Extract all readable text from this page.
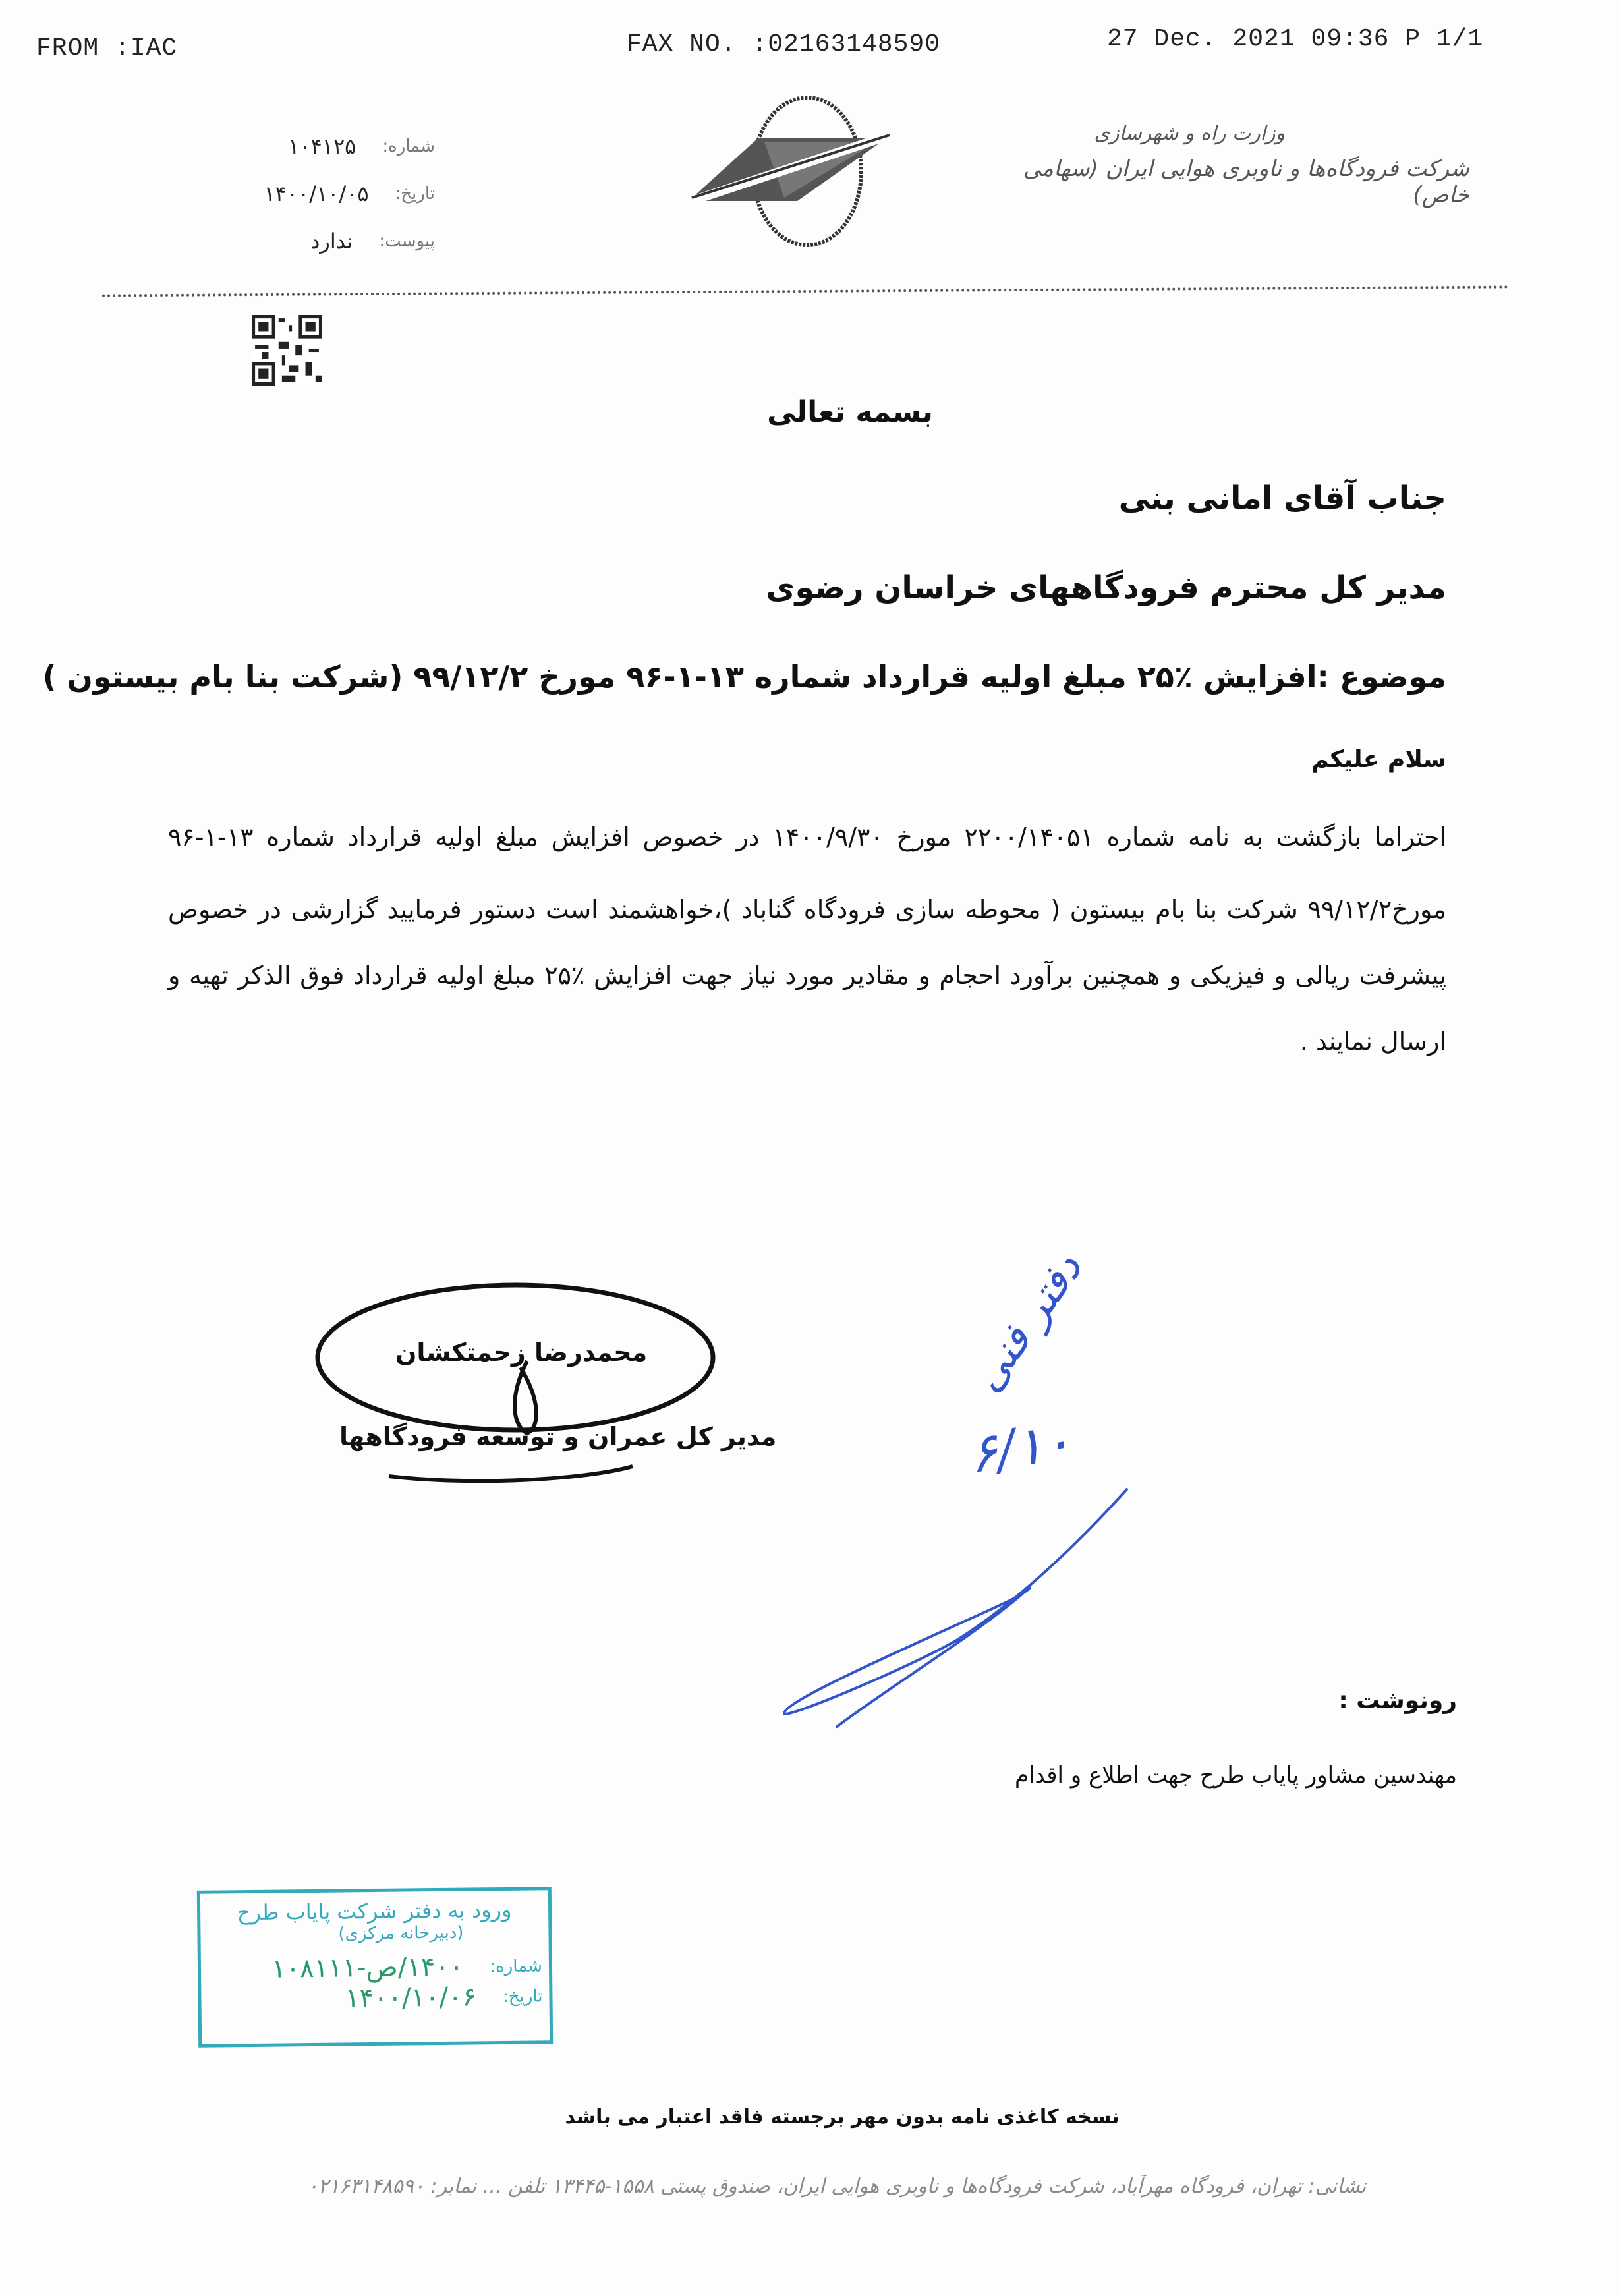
FROM :IAC	FAX NO. :02163148590	27 Dec. 2021 09:36 P 1/1
شماره:
۱۰۴۱۲۵
تاریخ:
۱۴۰۰/۱۰/۰۵
پیوست:
ندارد
وزارت راه و شهرسازی
شرکت فرودگاه‌ها و ناوبری هوایی ایران (سهامی خاص)
بسمه تعالی
جناب آقای امانی بنی
مدیر کل محترم فرودگاههای خراسان رضوی
موضوع :افزایش ٪۲۵ مبلغ اولیه قرارداد شماره ۱۳-۱-۹۶ مورخ ۹۹/۱۲/۲ (شرکت بنا بام بیستون )
سلام علیکم
احتراما بازگشت به نامه شماره ۲۲۰۰/۱۴۰۵۱ مورخ ۱۴۰۰/۹/۳۰ در خصوص افزایش مبلغ اولیه قرارداد شماره ۱۳-۱-۹۶
مورخ۹۹/۱۲/۲ شرکت بنا بام بیستون ( محوطه سازی فرودگاه گناباد )،خواهشمند است دستور فرمایید گزارشی در خصوص
پیشرفت ریالی و فیزیکی و همچنین برآورد احجام و مقادیر مورد نیاز جهت افزایش ٪۲۵ مبلغ اولیه قرارداد فوق الذکر تهیه و
ارسال نمایند .
محمدرضا زحمتکشان
مدیر کل عمران و توسعه فرودگاهها
دفتر فنی
۶/۱۰
رونوشت :
مهندسین مشاور پایاب طرح جهت اطلاع و اقدام
ورود به دفتر شرکت پایاب طرح
(دبیرخانه مرکزی)
شماره:
۱۴۰۰/ص-۱۰۸۱۱۱
تاریخ:
۱۴۰۰/۱۰/۰۶
نسخه کاغذی نامه بدون مهر برجسته فاقد اعتبار می باشد
نشانی: تهران، فرودگاه مهرآباد، شرکت فرودگاه‌ها و ناوبری هوایی ایران، صندوق پستی ۱۵۵۸-۱۳۴۴۵ تلفن ... نمابر: ۰۲۱۶۳۱۴۸۵۹۰
